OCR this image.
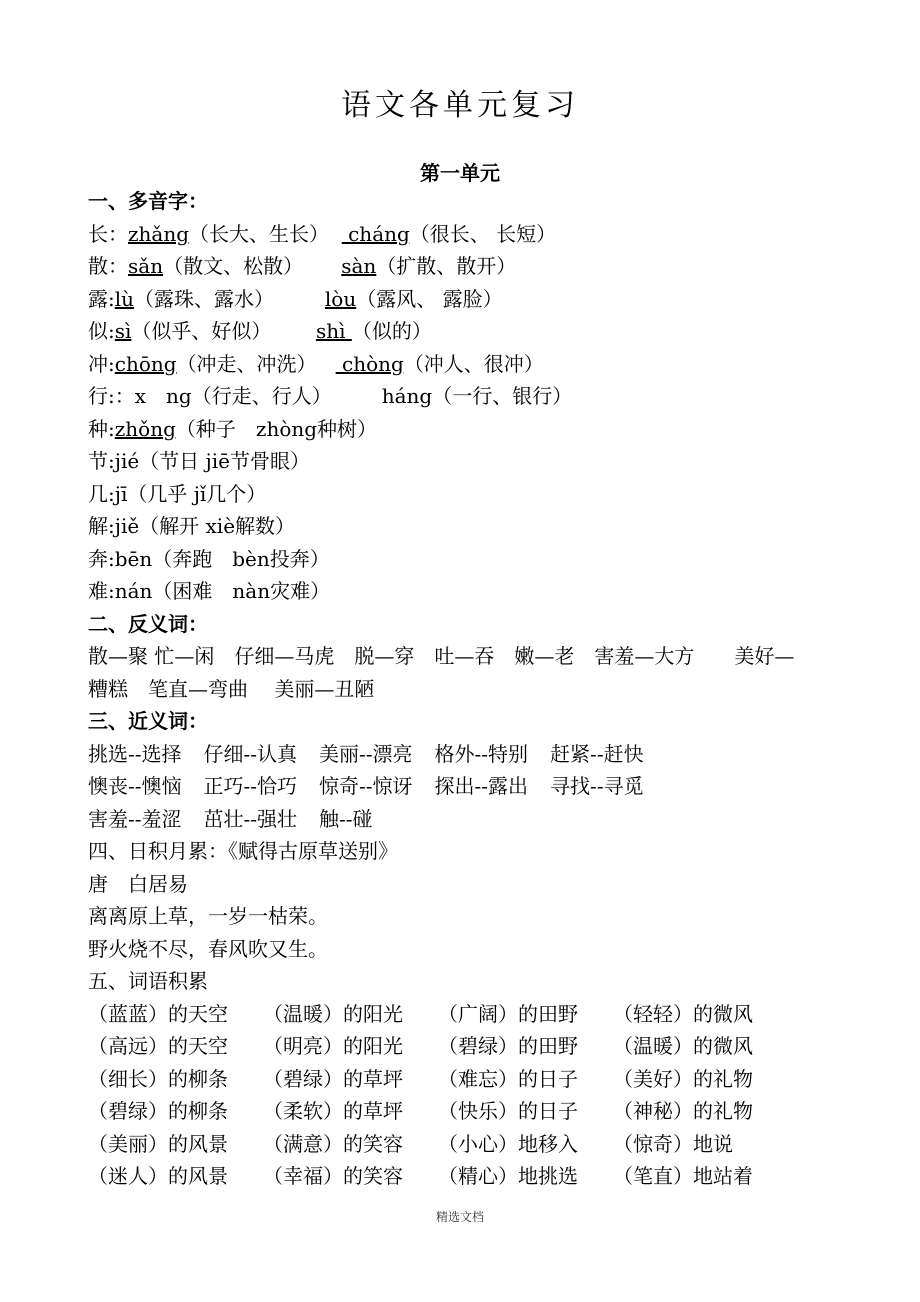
语文各单元复习
第一单元
一、多音字：
长：zhǎng（长大、生长）   cháng（很长、 长短）
散：sǎn（散文、松散） sàn（扩散、散开）
露:lù（露珠、露水）	lòu（露风、 露脸）
似:sì（似乎、好似） shì （似的）
冲:chōng（冲走、冲洗）    chòng（冲人、很冲）
行:：x　ng（行走、行人）　　　háng（一行、银行）
种:zhǒng（种子　zhòng种树）
节:jié（节日 jiē节骨眼）
几:jī（几乎 jǐ几个）
解:jiě（解开 xiè解数）
奔:bēn（奔跑　bèn投奔）
难:nán（困难　nàn灾难）
二、反义词：
散—聚 忙—闲　仔细—马虎　脱—穿　吐—吞　嫩—老　害羞—大方　　美好—
糟糕　笔直—弯曲　 美丽—丑陋
三、近义词：
挑选--选择 仔细--认真 美丽--漂亮 格外--特别 赶紧--赶快
懊丧--懊恼 正巧--恰巧 惊奇--惊讶 探出--露出 寻找--寻觅
害羞--羞涩 茁壮--强壮 触--碰
四、日积月累：《赋得古原草送别》
唐　白居易
离离原上草，一岁一枯荣。
野火烧不尽，春风吹又生。
五、词语积累
（蓝蓝）的天空 （温暖）的阳光 （广阔）的田野 （轻轻）的微风
（高远）的天空 （明亮）的阳光 （碧绿）的田野 （温暖）的微风
（细长）的柳条 （碧绿）的草坪（难忘）的日子 （美好）的礼物
（碧绿）的柳条 （柔软）的草坪（快乐）的日子 （神秘）的礼物
（美丽）的风景 （满意）的笑容（小心）地移入 （惊奇）地说
（迷人）的风景 （幸福）的笑容（精心）地挑选 （笔直）地站着
精选文档
